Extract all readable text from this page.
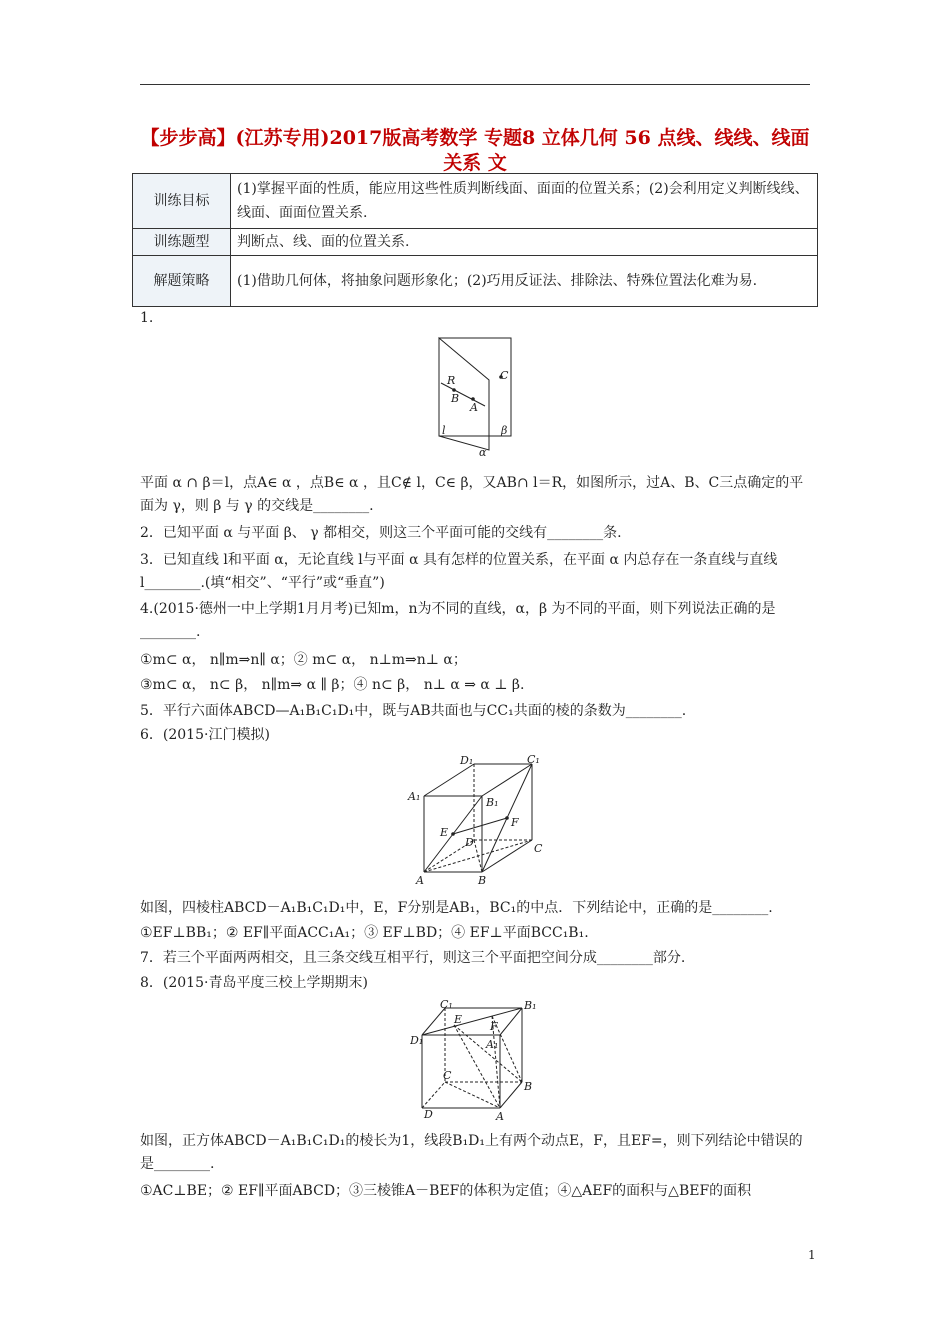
【步步高】(江苏专用)2017版高考数学 专题8 立体几何 56 点线、线线、线面关系 文
训练目标	(1)掌握平面的性质，能应用这些性质判断线面、面面的位置关系；(2)会利用定义判断线线、线面、面面位置关系.
训练题型	判断点、线、面的位置关系.
解题策略	(1)借助几何体，将抽象问题形象化；(2)巧用反证法、排除法、特殊位置法化难为易.
1.
R
B
A
C
l	β
α
平面 α ∩ β＝l，点A∈ α ，点B∈ α ，且C∉ l，C∈ β，又AB∩ l＝R，如图所示，过A、B、C三点确定的平面为 γ，则 β 与 γ 的交线是________.
2．已知平面 α 与平面 β、 γ 都相交，则这三个平面可能的交线有________条.
3．已知直线 l和平面 α，无论直线 l与平面 α 具有怎样的位置关系，在平面 α 内总存在一条直线与直线 l________.(填“相交”、“平行”或“垂直”)
4.(2015·德州一中上学期1月月考)已知m，n为不同的直线，α，β 为不同的平面，则下列说法正确的是________.
①m⊂ α， n∥m⇒n∥ α；② m⊂ α， n⊥m⇒n⊥ α；
③m⊂ α， n⊂ β， n∥m⇒ α ∥ β；④ n⊂ β， n⊥ α ⇒ α ⊥ β.
5．平行六面体ABCD—A₁B₁C₁D₁中，既与AB共面也与CC₁共面的棱的条数为________.
6．(2015·江门模拟)
D₁	C₁
A₁	B₁
E
F
D	C
A	B
如图，四棱柱ABCD－A₁B₁C₁D₁中，E，F分别是AB₁，BC₁的中点．下列结论中，正确的是________.
①EF⊥BB₁；② EF∥平面ACC₁A₁；③ EF⊥BD；④ EF⊥平面BCC₁B₁.
7．若三个平面两两相交，且三条交线互相平行，则这三个平面把空间分成________部分.
8．(2015·青岛平度三校上学期期末)
C₁	B₁
E
F
D₁	A₁
C
B
D	A
如图，正方体ABCD－A₁B₁C₁D₁的棱长为1，线段B₁D₁上有两个动点E，F，且EF=，则下列结论中错误的是________.
①AC⊥BE；② EF∥平面ABCD；③三棱锥A－BEF的体积为定值；④△AEF的面积与△BEF的面积
1
